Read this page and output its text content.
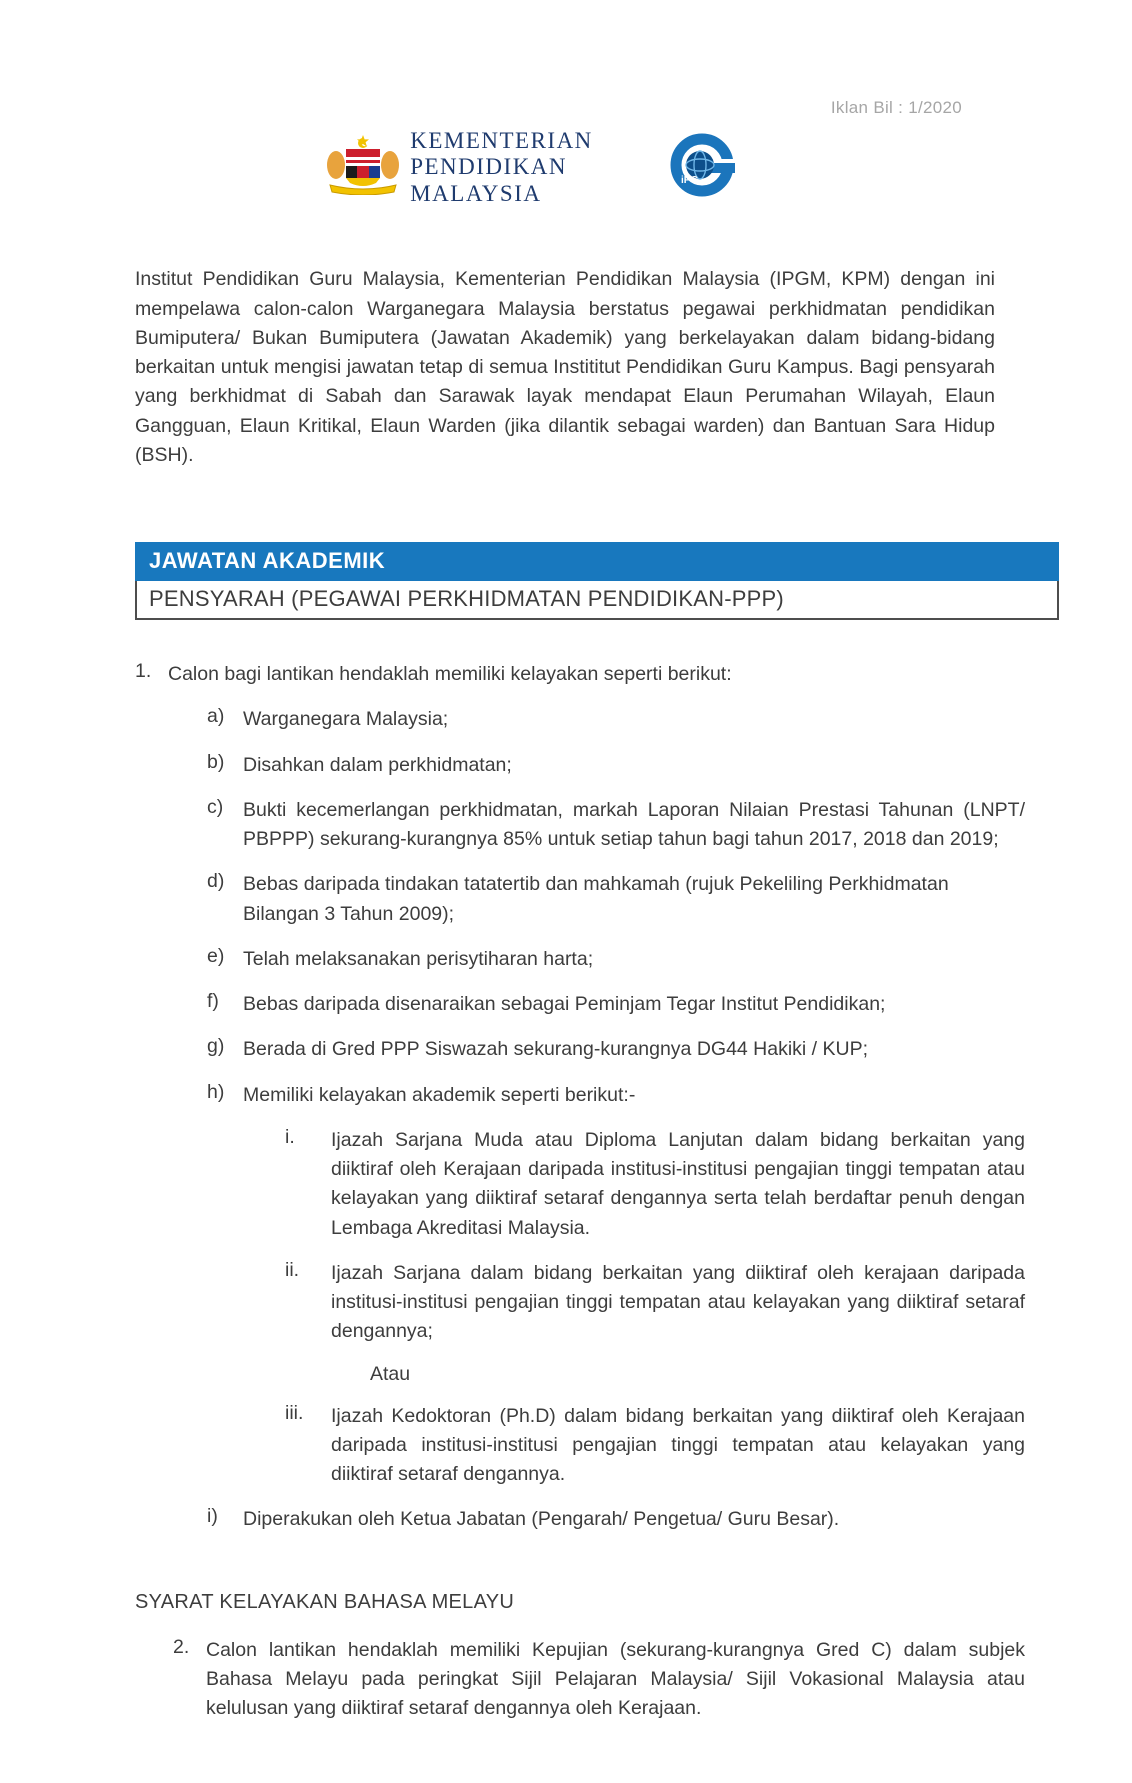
Iklan Bil : 1/2020
KEMENTERIAN
PENDIDIKAN
MALAYSIA
iPG

Institut Pendidikan Guru Malaysia, Kementerian Pendidikan Malaysia (IPGM, KPM) dengan ini mempelawa calon-calon Warganegara Malaysia berstatus pegawai perkhidmatan pendidikan Bumiputera/ Bukan Bumiputera (Jawatan Akademik) yang berkelayakan dalam bidang-bidang berkaitan untuk mengisi jawatan tetap di semua Instititut Pendidikan Guru Kampus. Bagi pensyarah yang berkhidmat di Sabah dan Sarawak layak mendapat Elaun Perumahan Wilayah, Elaun Gangguan, Elaun Kritikal, Elaun Warden (jika dilantik sebagai warden) dan Bantuan Sara Hidup (BSH).

JAWATAN AKADEMIK
PENSYARAH (PEGAWAI PERKHIDMATAN PENDIDIKAN-PPP)
1. Calon bagi lantikan hendaklah memiliki kelayakan seperti berikut:
a) Warganegara Malaysia;
b) Disahkan dalam perkhidmatan;
c)	Bukti kecemerlangan perkhidmatan, markah Laporan Nilaian Prestasi Tahunan (LNPT/ PBPPP) sekurang-kurangnya 85% untuk setiap tahun bagi tahun 2017, 2018 dan 2019;
d) Bebas daripada tindakan tatatertib dan mahkamah (rujuk Pekeliling Perkhidmatan Bilangan 3 Tahun 2009);
e) Telah melaksanakan perisytiharan harta;
f)	Bebas daripada disenaraikan sebagai Peminjam Tegar Institut Pendidikan;
g) Berada di Gred PPP Siswazah sekurang-kurangnya DG44 Hakiki / KUP;
h) Memiliki kelayakan akademik seperti berikut:-
i.	Ijazah Sarjana Muda atau Diploma Lanjutan dalam bidang berkaitan yang diiktiraf oleh Kerajaan daripada institusi-institusi pengajian tinggi tempatan atau kelayakan yang diiktiraf setaraf dengannya serta telah berdaftar penuh dengan Lembaga Akreditasi Malaysia.
ii.	Ijazah Sarjana dalam bidang berkaitan yang diiktiraf oleh kerajaan daripada institusi-institusi pengajian tinggi tempatan atau kelayakan yang diiktiraf setaraf dengannya;
Atau
iii.	Ijazah Kedoktoran (Ph.D) dalam bidang berkaitan yang diiktiraf oleh Kerajaan daripada institusi-institusi pengajian tinggi tempatan atau kelayakan yang diiktiraf setaraf dengannya.
i)	Diperakukan oleh Ketua Jabatan (Pengarah/ Pengetua/ Guru Besar).
SYARAT KELAYAKAN BAHASA MELAYU
2. Calon lantikan hendaklah memiliki Kepujian (sekurang-kurangnya Gred C) dalam subjek Bahasa Melayu pada peringkat Sijil Pelajaran Malaysia/ Sijil Vokasional Malaysia atau kelulusan yang diiktiraf setaraf dengannya oleh Kerajaan.
